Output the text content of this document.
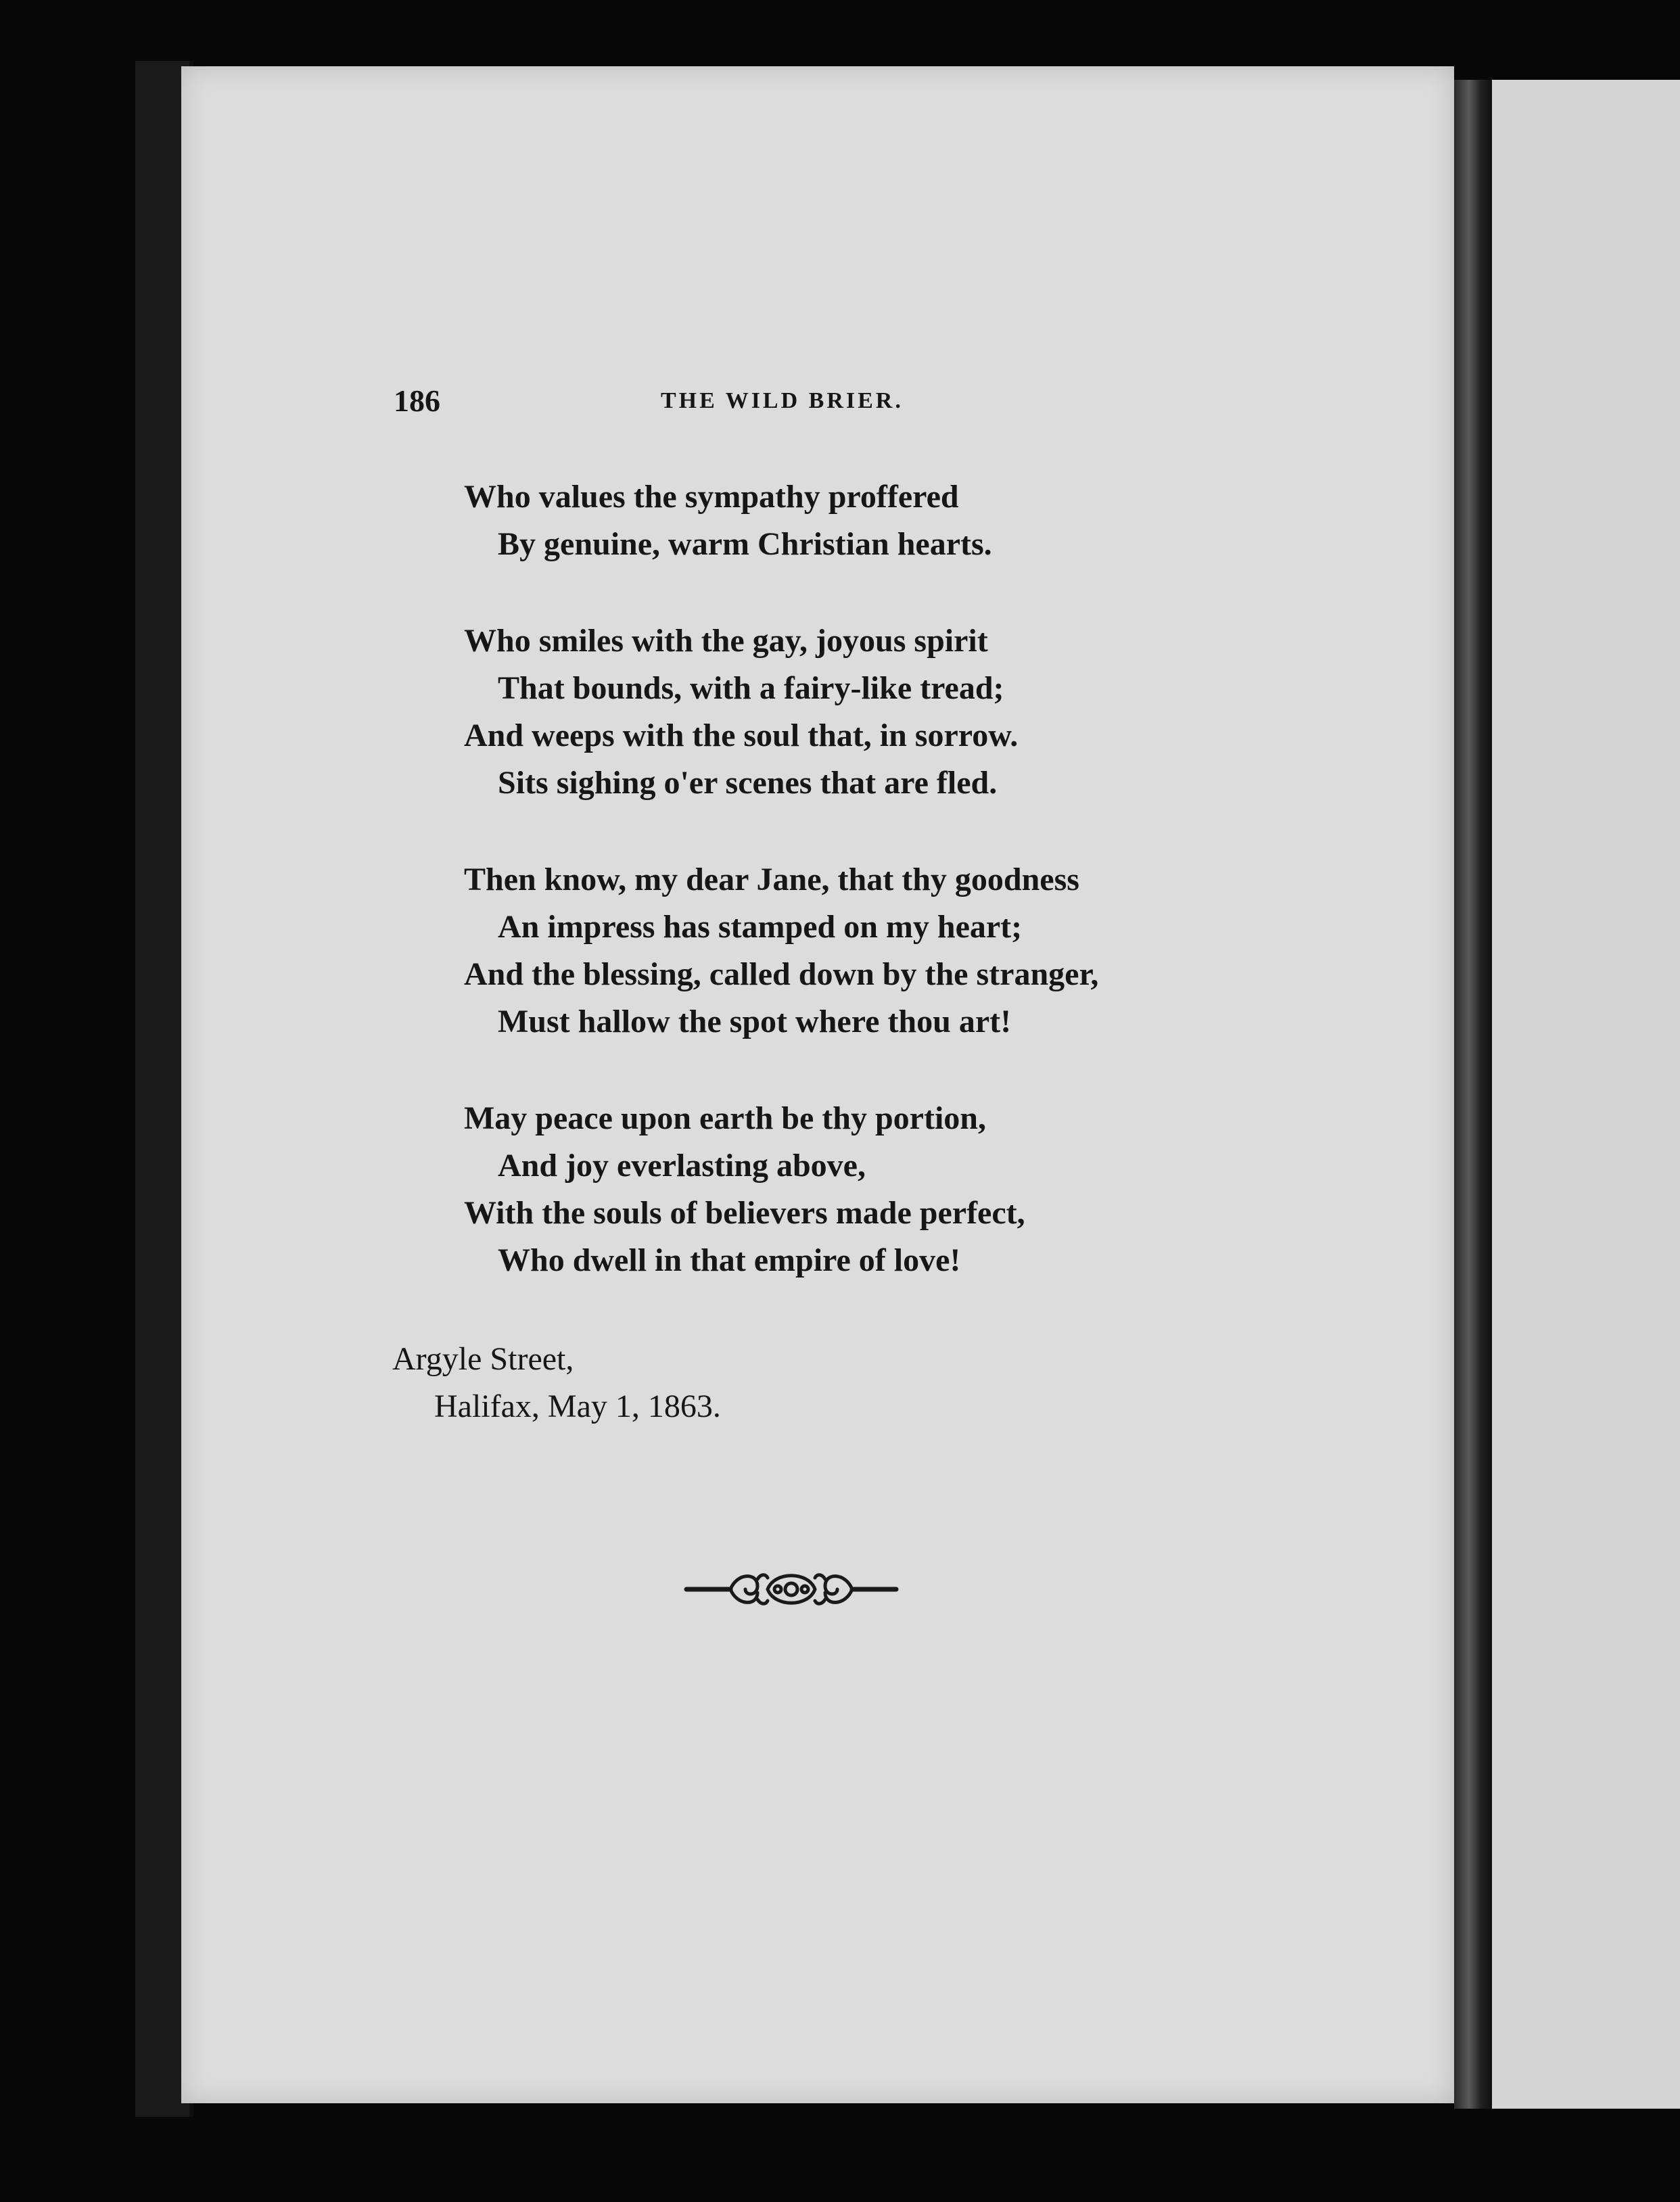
186	THE WILD BRIER.
Who values the sympathy proffered
By genuine, warm Christian hearts.
Who smiles with the gay, joyous spirit
That bounds, with a fairy-like tread;
And weeps with the soul that, in sorrow.
Sits sighing o'er scenes that are fled.
Then know, my dear Jane, that thy goodness
An impress has stamped on my heart;
And the blessing, called down by the stranger,
Must hallow the spot where thou art!
May peace upon earth be thy portion,
And joy everlasting above,
With the souls of believers made perfect,
Who dwell in that empire of love!
Argyle Street,
Halifax, May 1, 1863.
